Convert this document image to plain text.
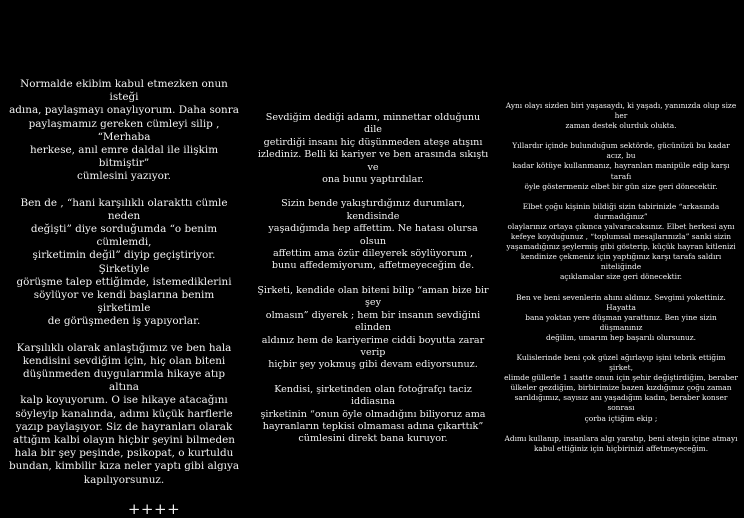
Normalde ekibim kabul etmezken onun isteği
adına, paylaşmayı onaylıyorum. Daha sonra
paylaşmamız gereken cümleyi silip , “Merhaba
herkese, anıl emre daldal ile ilişkim bitmiştir”
cümlesini yazıyor.

Ben de , “hani karşılıklı olarakttı cümle neden
değişti” diye sorduğumda “o benim cümlemdi,
şirketimin değil” diyip geçiştiriyor. Şirketiyle
görüşme talep ettiğimde, istemediklerini
söylüyor ve kendi başlarına benim şirketimle
de görüşmeden iş yapıyorlar.

Karşılıklı olarak anlaştığımız ve ben hala
kendisini sevdiğim için, hiç olan biteni
düşünmeden duygularımla hikaye atıp altına
kalp koyuyorum. O ise hikaye atacağını
söyleyip kanalında, adımı küçük harflerle
yazıp paylaşıyor. Siz de hayranları olarak
attığım kalbi olayın hiçbir şeyini bilmeden
hala bir şey peşinde, psikopat, o kurtuldu
bundan, kimbilir kıza neler yaptı gibi algıya
kapılıyorsunuz.

++++

Sevdiğim dediği adamı, minnettar olduğunu dile
getirdiği insanı hiç düşünmeden ateşe atışını
izlediniz. Belli ki kariyer ve ben arasında sıkıştı ve
ona bunu yaptırdılar.

Sizin bende yakıştırdığınız durumları, kendisinde
yaşadığımda hep affettim. Ne hatası olursa olsun
affettim ama özür dileyerek söylüyorum ,
bunu affedemiyorum, affetmeyeceğim de.

Şirketi, kendide olan biteni bilip “aman bize bir şey
olmasın” diyerek ; hem bir insanın sevdiğini elinden
aldınız hem de kariyerime ciddi boyutta zarar verip
hiçbir şey yokmuş gibi devam ediyorsunuz.

Kendisi, şirketinden olan fotoğrafçı taciz iddiasına
şirketinin “onun öyle olmadığını biliyoruz ama
hayranların tepkisi olmaması adına çıkarttık”
cümlesini direkt bana kuruyor.

Aynı olayı sizden biri yaşasaydı, ki yaşadı, yanınızda olup size her
zaman destek olurduk olukta.

Yıllardır içinde bulunduğum sektörde, gücünüzü bu kadar acız, bu
kadar kötüye kullanmanız, hayranları manipüle edip karşı tarafı
öyle göstermeniz elbet bir gün size geri dönecektir.

Elbet çoğu kişinin bildiği sizin tabirinizle “arkasında durmadığınız”
olaylarınız ortaya çıkınca yalvaracaksınız. Elbet herkesi aynı
kefeye koyduğunuz , “toplumsal mesajlarınızla” sanki sizin
yaşamadığınız şeylermiş gibi gösterip, küçük hayran kitlenizi
kendinize çekmeniz için yaptığınız karşı tarafa saldırı niteliğinde
açıklamalar size geri dönecektir.

Ben ve beni sevenlerin ahını aldınız. Sevgimi yokettiniz. Hayatta
bana yoktan yere düşman yarattınız. Ben yine sizin düşmanınız
değilim, umarım hep başarılı olursunuz.

Kulislerinde beni çok güzel ağırlayıp işini tebrik ettiğim şirket,
elimde güllerle 1 saatte onun için şehir değiştirdiğim, beraber
ülkeler gezdiğim, birbirimize bazen kızdığımız çoğu zaman
sarıldığımız, sayısız anı yaşadığım kadın, beraber konser sonrası
çorba içtiğim ekip ;

Adımı kullanıp, insanlara algı yaratıp, beni ateşin içine atmayı
kabul ettiğiniz için hiçbirinizi affetmeyeceğim.
